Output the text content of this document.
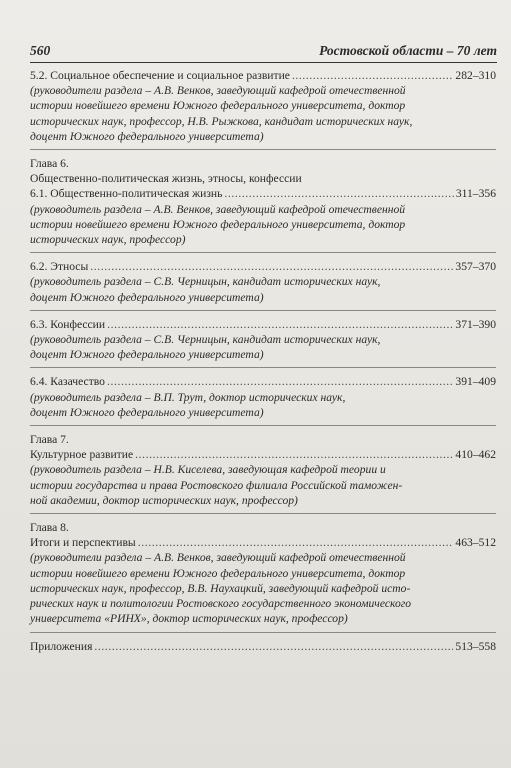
560	Ростовской области – 70 лет
5.2. Социальное обеспечение и социальное развитие .....	282–310
(руководители раздела – А.В. Венков, заведующий кафедрой отечественной
истории новейшего времени Южного федерального университета, доктор
исторических наук, профессор, Н.В. Рыжкова, кандидат исторических наук,
доцент Южного федерального университета)
Глава 6.
Общественно-политическая жизнь, этносы, конфессии
6.1. Общественно-политическая жизнь .....	311–356
(руководитель раздела – А.В. Венков, заведующий кафедрой отечественной
истории новейшего времени Южного федерального университета, доктор
исторических наук, профессор)
6.2. Этносы .....	357–370
(руководитель раздела – С.В. Черницын, кандидат исторических наук,
доцент Южного федерального университета)
6.3. Конфессии .....	371–390
(руководитель раздела – С.В. Черницын, кандидат исторических наук,
доцент Южного федерального университета)
6.4. Казачество .....	391–409
(руководитель раздела – В.П. Трут, доктор исторических наук,
доцент Южного федерального университета)
Глава 7.
Культурное развитие .....	410–462
(руководитель раздела – Н.В. Киселева, заведующая кафедрой теории и
истории государства и права Ростовского филиала Российской таможен-
ной академии, доктор исторических наук, профессор)
Глава 8.
Итоги и перспективы .....	463–512
(руководители раздела – А.В. Венков, заведующий кафедрой отечественной
истории новейшего времени Южного федерального университета, доктор
исторических наук, профессор, В.В. Наухацкий, заведующий кафедрой исто-
рических наук и политологии Ростовского государственного экономического
университета «РИНХ», доктор исторических наук, профессор)
Приложения .....	513–558
